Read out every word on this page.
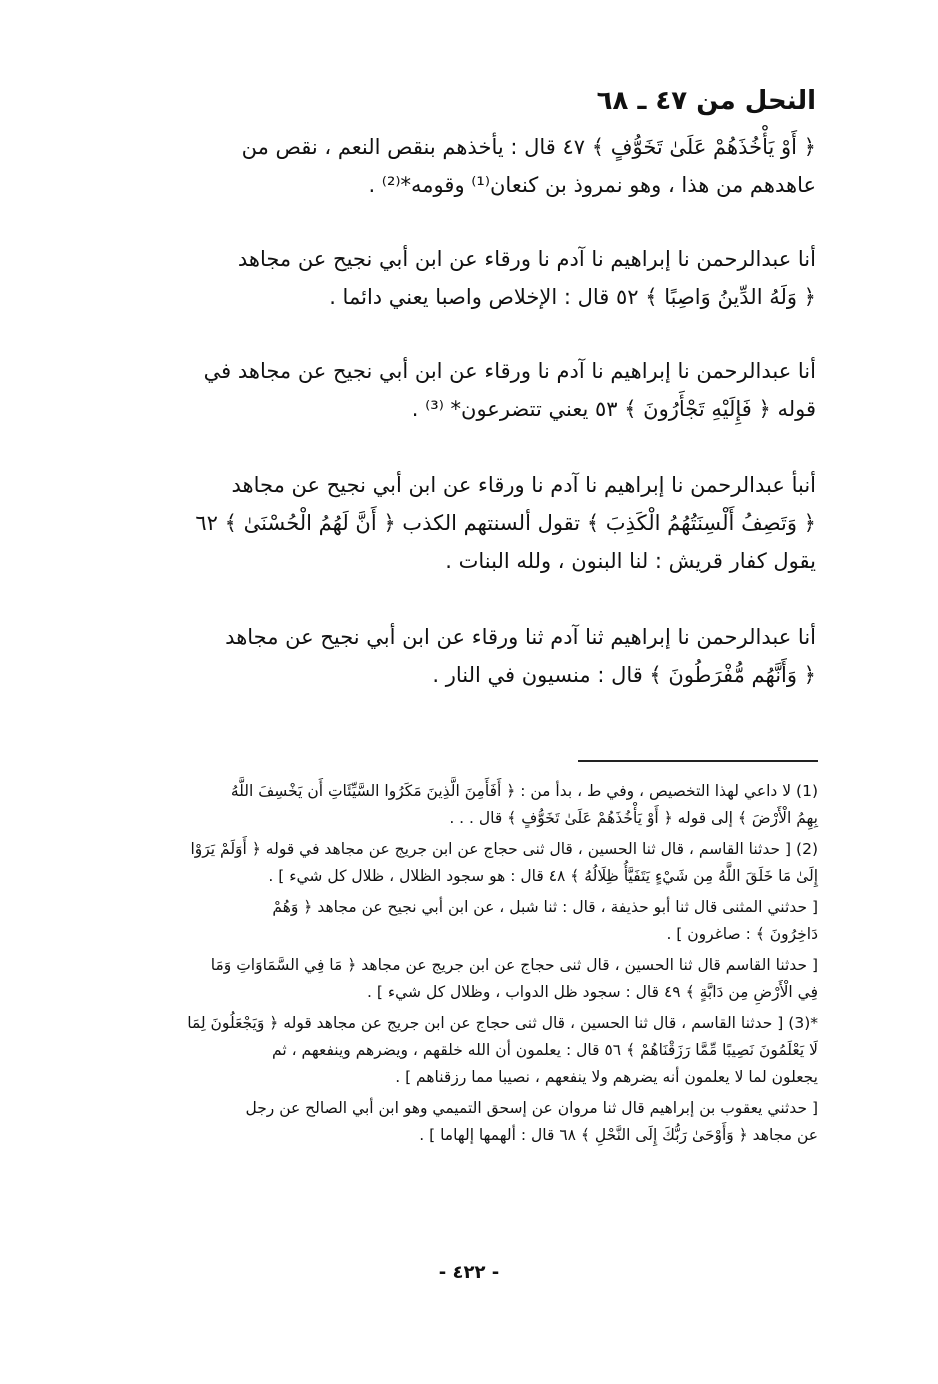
النحل من ٤٧ ـ ٦٨
﴿ أَوْ يَأْخُذَهُمْ عَلَىٰ تَخَوُّفٍ ﴾ ٤٧ قال : يأخذهم بنقص النعم ، نقص من
عاهدهم من هذا ، وهو نمروذ بن كنعان⁽¹⁾ وقومه*⁽²⁾ .
أنا عبدالرحمن نا إبراهيم نا آدم نا ورقاء عن ابن أبي نجيح عن مجاهد
﴿ وَلَهُ الدِّينُ وَاصِبًا ﴾ ٥٢ قال : الإخلاص واصبا يعني دائما .
أنا عبدالرحمن نا إبراهيم نا آدم نا ورقاء عن ابن أبي نجيح عن مجاهد في
قوله ﴿ فَإِلَيْهِ تَجْأَرُونَ ﴾ ٥٣ يعني تتضرعون* ⁽³⁾ .
أنبأ عبدالرحمن نا إبراهيم نا آدم نا ورقاء عن ابن أبي نجيح عن مجاهد
﴿ وَتَصِفُ أَلْسِنَتُهُمُ الْكَذِبَ ﴾ تقول ألسنتهم الكذب ﴿ أَنَّ لَهُمُ الْحُسْنَىٰ ﴾ ٦٢
يقول كفار قريش : لنا البنون ، ولله البنات .
أنا عبدالرحمن نا إبراهيم ثنا آدم ثنا ورقاء عن ابن أبي نجيح عن مجاهد
﴿ وَأَنَّهُم مُّفْرَطُونَ ﴾ قال : منسيون في النار .
(1) لا داعي لهذا التخصيص ، وفي ط ، بدأ من : ﴿ أَفَأَمِنَ الَّذِينَ مَكَرُوا السَّيِّئَاتِ أَن يَخْسِفَ اللَّهُ
بِهِمُ الْأَرْضَ ﴾ إلى قوله ﴿ أَوْ يَأْخُذَهُمْ عَلَىٰ تَخَوُّفٍ ﴾ قال . . .
(2) [ حدثنا القاسم ، قال ثنا الحسين ، قال ثنى حجاج عن ابن جريج عن مجاهد في قوله ﴿ أَوَلَمْ يَرَوْا
إِلَىٰ مَا خَلَقَ اللَّهُ مِن شَيْءٍ يَتَفَيَّأُ ظِلَالُهُ ﴾ ٤٨ قال : هو سجود الظلال ، ظلال كل شيء ] .
[ حدثني المثنى قال ثنا أبو حذيفة ، قال : ثنا شبل ، عن ابن أبي نجيح عن مجاهد ﴿ وَهُمْ
دَاخِرُونَ ﴾ : صاغرون ] .
[ حدثنا القاسم قال ثنا الحسين ، قال ثنى حجاج عن ابن جريج عن مجاهد ﴿ مَا فِي السَّمَاوَاتِ وَمَا
فِي الْأَرْضِ مِن دَابَّةٍ ﴾ ٤٩ قال : سجود ظل الدواب ، وظلال كل شيء ] .
*(3) [ حدثنا القاسم ، قال ثنا الحسين ، قال ثنى حجاج عن ابن جريج عن مجاهد قوله ﴿ وَيَجْعَلُونَ لِمَا
لَا يَعْلَمُونَ نَصِيبًا مِّمَّا رَزَقْنَاهُمْ ﴾ ٥٦ قال : يعلمون أن الله خلقهم ، ويضرهم وينفعهم ، ثم
يجعلون لما لا يعلمون أنه يضرهم ولا ينفعهم ، نصيبا مما رزقناهم ] .
[ حدثني يعقوب بن إبراهيم قال ثنا مروان عن إسحق التميمي وهو ابن أبي الصالح عن رجل
عن مجاهد ﴿ وَأَوْحَىٰ رَبُّكَ إِلَى النَّحْلِ ﴾ ٦٨ قال : ألهمها إلهاما ] .
- ٤٢٢ -
